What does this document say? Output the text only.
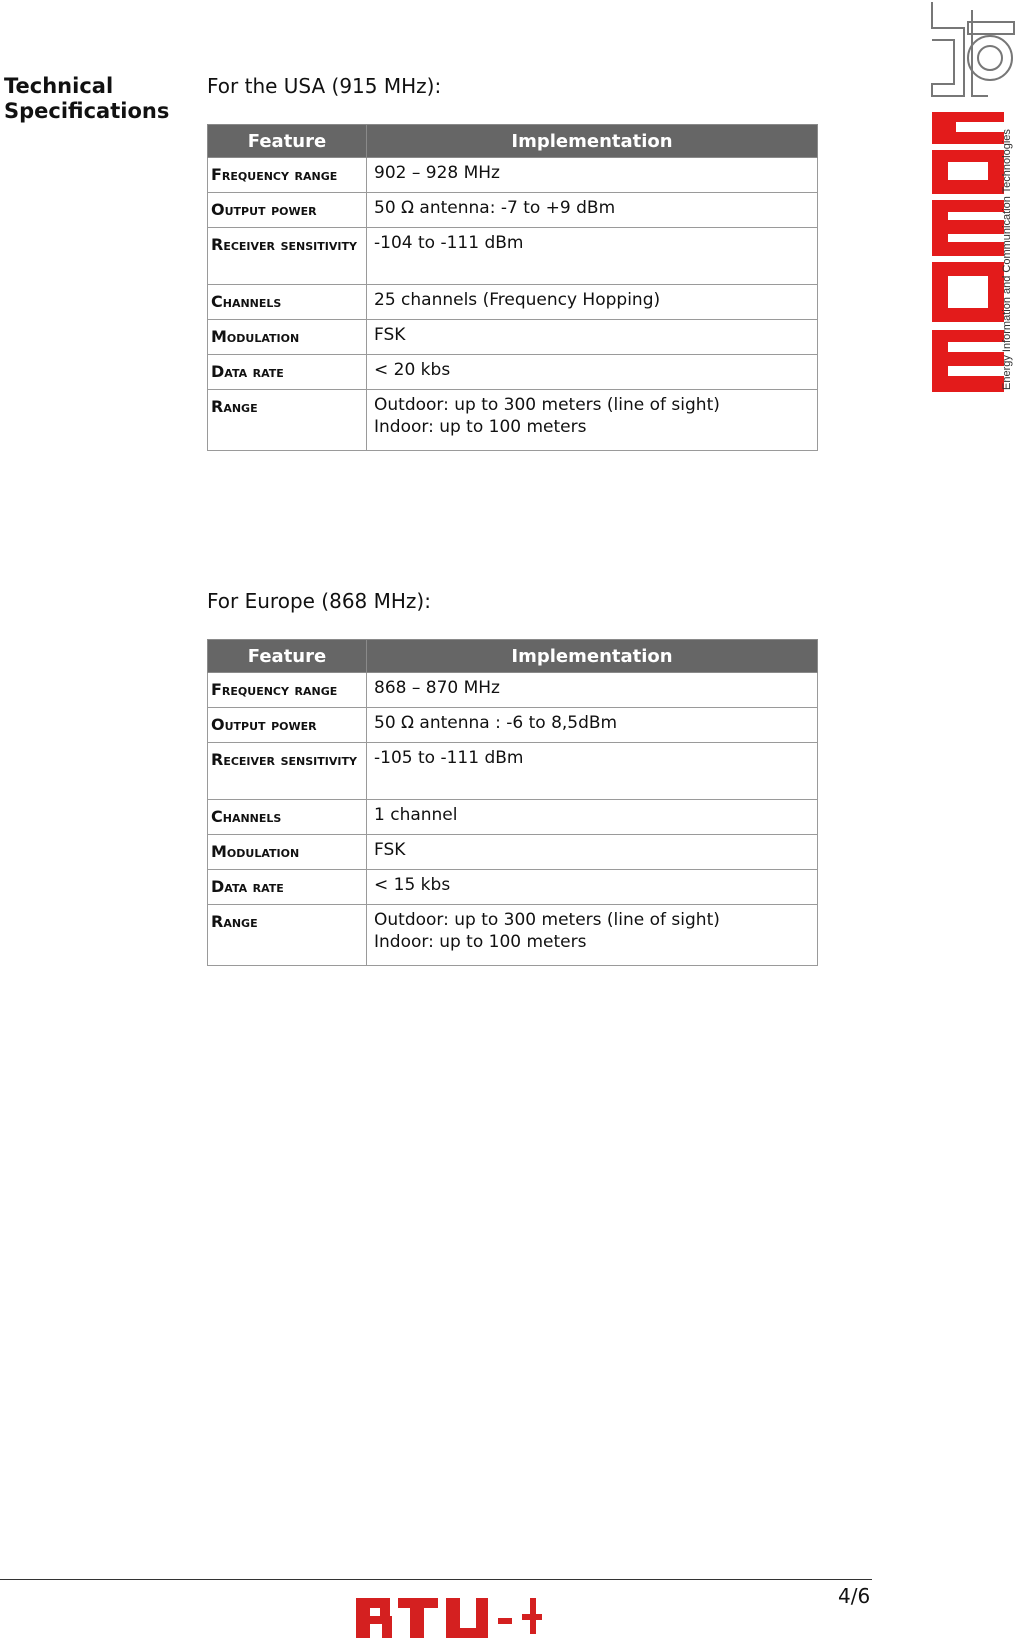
Technical
Specifications
For the USA (915 MHz):
Feature	Implementation
Frequency range	902 – 928 MHz
Output power	50 Ω antenna: -7 to +9 dBm
Receiver sensitivity	-104 to -111 dBm
Channels	25 channels (Frequency Hopping)
Modulation	FSK
Data rate	< 20 kbs
Range	Outdoor: up to 300 meters (line of sight)
Indoor: up to 100 meters
For Europe (868 MHz):
Feature	Implementation
Frequency range	868 – 870 MHz
Output power	50 Ω antenna : -6 to 8,5dBm
Receiver sensitivity	-105 to -111 dBm
Channels	1 channel
Modulation	FSK
Data rate	< 15 kbs
Range	Outdoor: up to 300 meters (line of sight)
Indoor: up to 100 meters
Energy Information and Communication Technologies
4/6
RTU
